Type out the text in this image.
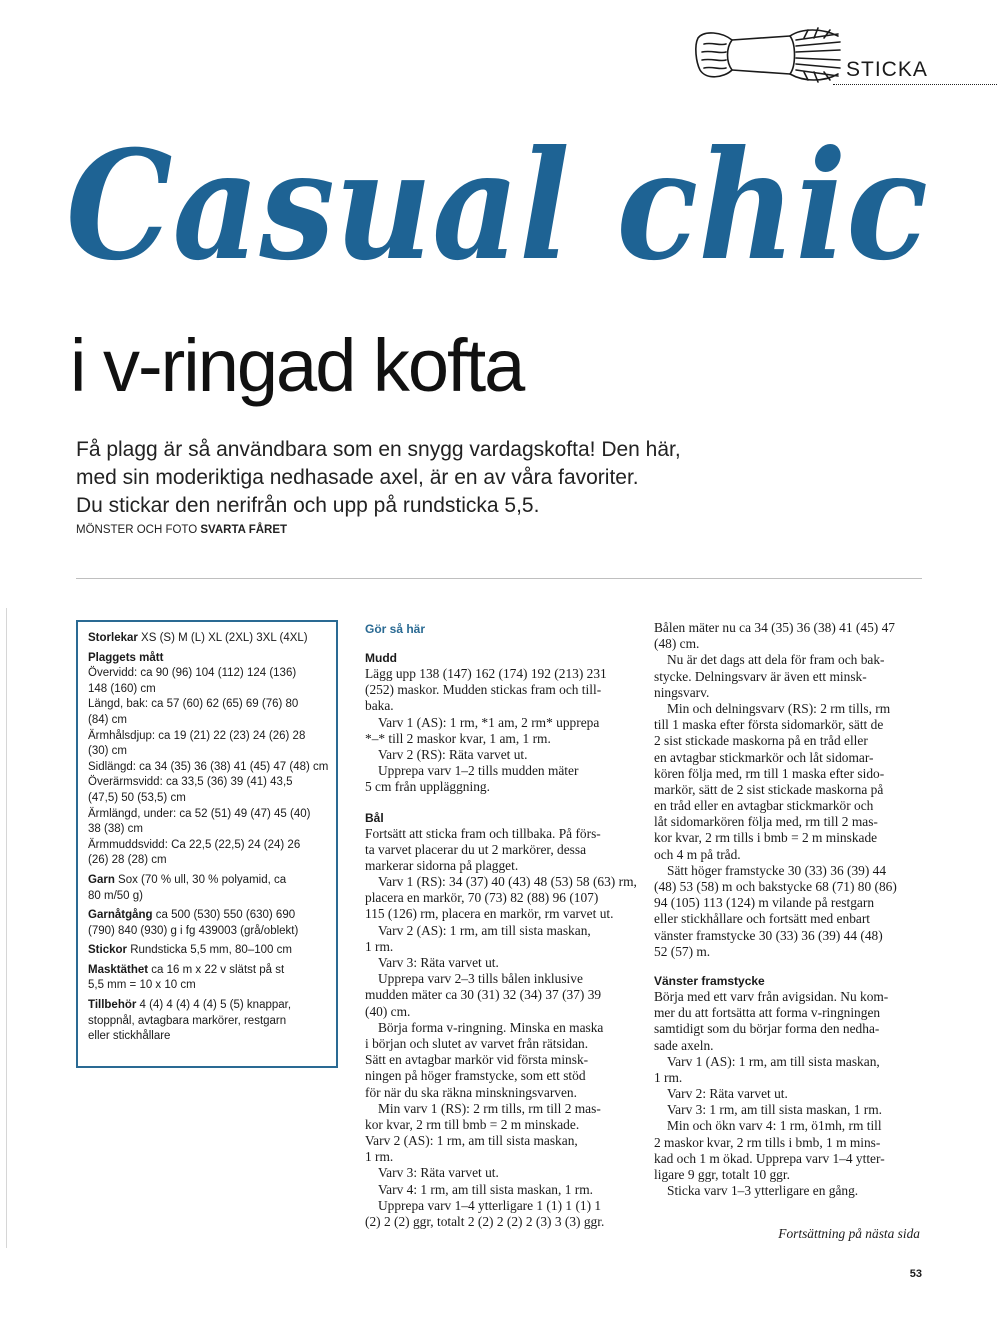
STICKA
Casual chic
i v-ringad kofta
Få plagg är så användbara som en snygg vardagskofta! Den här,
med sin moderiktiga nedhasade axel, är en av våra favoriter.
Du stickar den nerifrån och upp på rundsticka 5,5.
MÖNSTER OCH FOTO SVARTA FÅRET
Storlekar XS (S) M (L) XL (2XL) 3XL (4XL)
Plaggets mått
Övervidd: ca 90 (96) 104 (112) 124 (136)
148 (160) cm
Längd, bak: ca 57 (60) 62 (65) 69 (76) 80
(84) cm
Ärmhålsdjup: ca 19 (21) 22 (23) 24 (26) 28
(30) cm
Sidlängd: ca 34 (35) 36 (38) 41 (45) 47 (48) cm
Överärmsvidd: ca 33,5 (36) 39 (41) 43,5
(47,5) 50 (53,5) cm
Ärmlängd, under: ca 52 (51) 49 (47) 45 (40)
38 (38) cm
Ärmmuddsvidd: Ca 22,5 (22,5) 24 (24) 26
(26) 28 (28) cm
Garn Sox (70 % ull, 30 % polyamid, ca
80 m/50 g)
Garnåtgång ca 500 (530) 550 (630) 690
(790) 840 (930) g i fg 439003 (grå/oblekt)
Stickor Rundsticka 5,5 mm, 80–100 cm
Masktäthet ca 16 m x 22 v slätst på st
5,5 mm = 10 x 10 cm
Tillbehör 4 (4) 4 (4) 4 (4) 5 (5) knappar,
stoppnål, avtagbara markörer, restgarn
eller stickhållare
Gör så här
Mudd
Lägg upp 138 (147) 162 (174) 192 (213) 231
(252) maskor. Mudden stickas fram och till-
baka.
Varv 1 (AS): 1 rm, *1 am, 2 rm* upprepa
*–* till 2 maskor kvar, 1 am, 1 rm.
Varv 2 (RS): Räta varvet ut.
Upprepa varv 1–2 tills mudden mäter
5 cm från uppläggning.
Bål
Fortsätt att sticka fram och tillbaka. På förs-
ta varvet placerar du ut 2 markörer, dessa
markerar sidorna på plagget.
Varv 1 (RS): 34 (37) 40 (43) 48 (53) 58 (63) rm,
placera en markör, 70 (73) 82 (88) 96 (107)
115 (126) rm, placera en markör, rm varvet ut.
Varv 2 (AS): 1 rm, am till sista maskan,
1 rm.
Varv 3: Räta varvet ut.
Upprepa varv 2–3 tills bålen inklusive
mudden mäter ca 30 (31) 32 (34) 37 (37) 39
(40) cm.
Börja forma v-ringning. Minska en maska
i början och slutet av varvet från rätsidan.
Sätt en avtagbar markör vid första minsk-
ningen på höger framstycke, som ett stöd
för när du ska räkna minskningsvarven.
Min varv 1 (RS): 2 rm tills, rm till 2 mas-
kor kvar, 2 rm till bmb = 2 m minskade.
Varv 2 (AS): 1 rm, am till sista maskan,
1 rm.
Varv 3: Räta varvet ut.
Varv 4: 1 rm, am till sista maskan, 1 rm.
Upprepa varv 1–4 ytterligare 1 (1) 1 (1) 1
(2) 2 (2) ggr, totalt 2 (2) 2 (2) 2 (3) 3 (3) ggr.
Bålen mäter nu ca 34 (35) 36 (38) 41 (45) 47
(48) cm.
Nu är det dags att dela för fram och bak-
stycke. Delningsvarv är även ett minsk-
ningsvarv.
Min och delningsvarv (RS): 2 rm tills, rm
till 1 maska efter första sidomarkör, sätt de
2 sist stickade maskorna på en tråd eller
en avtagbar stickmarkör och låt sidomar-
kören följa med, rm till 1 maska efter sido-
markör, sätt de 2 sist stickade maskorna på
en tråd eller en avtagbar stickmarkör och
låt sidomarkören följa med, rm till 2 mas-
kor kvar, 2 rm tills i bmb = 2 m minskade
och 4 m på tråd.
Sätt höger framstycke 30 (33) 36 (39) 44
(48) 53 (58) m och bakstycke 68 (71) 80 (86)
94 (105) 113 (124) m vilande på restgarn
eller stickhållare och fortsätt med enbart
vänster framstycke 30 (33) 36 (39) 44 (48)
52 (57) m.
Vänster framstycke
Börja med ett varv från avigsidan. Nu kom-
mer du att fortsätta att forma v-ringningen
samtidigt som du börjar forma den nedha-
sade axeln.
Varv 1 (AS): 1 rm, am till sista maskan,
1 rm.
Varv 2: Räta varvet ut.
Varv 3: 1 rm, am till sista maskan, 1 rm.
Min och ökn varv 4: 1 rm, ö1mh, rm till
2 maskor kvar, 2 rm tills i bmb, 1 m mins-
kad och 1 m ökad. Upprepa varv 1–4 ytter-
ligare 9 ggr, totalt 10 ggr.
Sticka varv 1–3 ytterligare en gång.
Fortsättning på nästa sida
53
